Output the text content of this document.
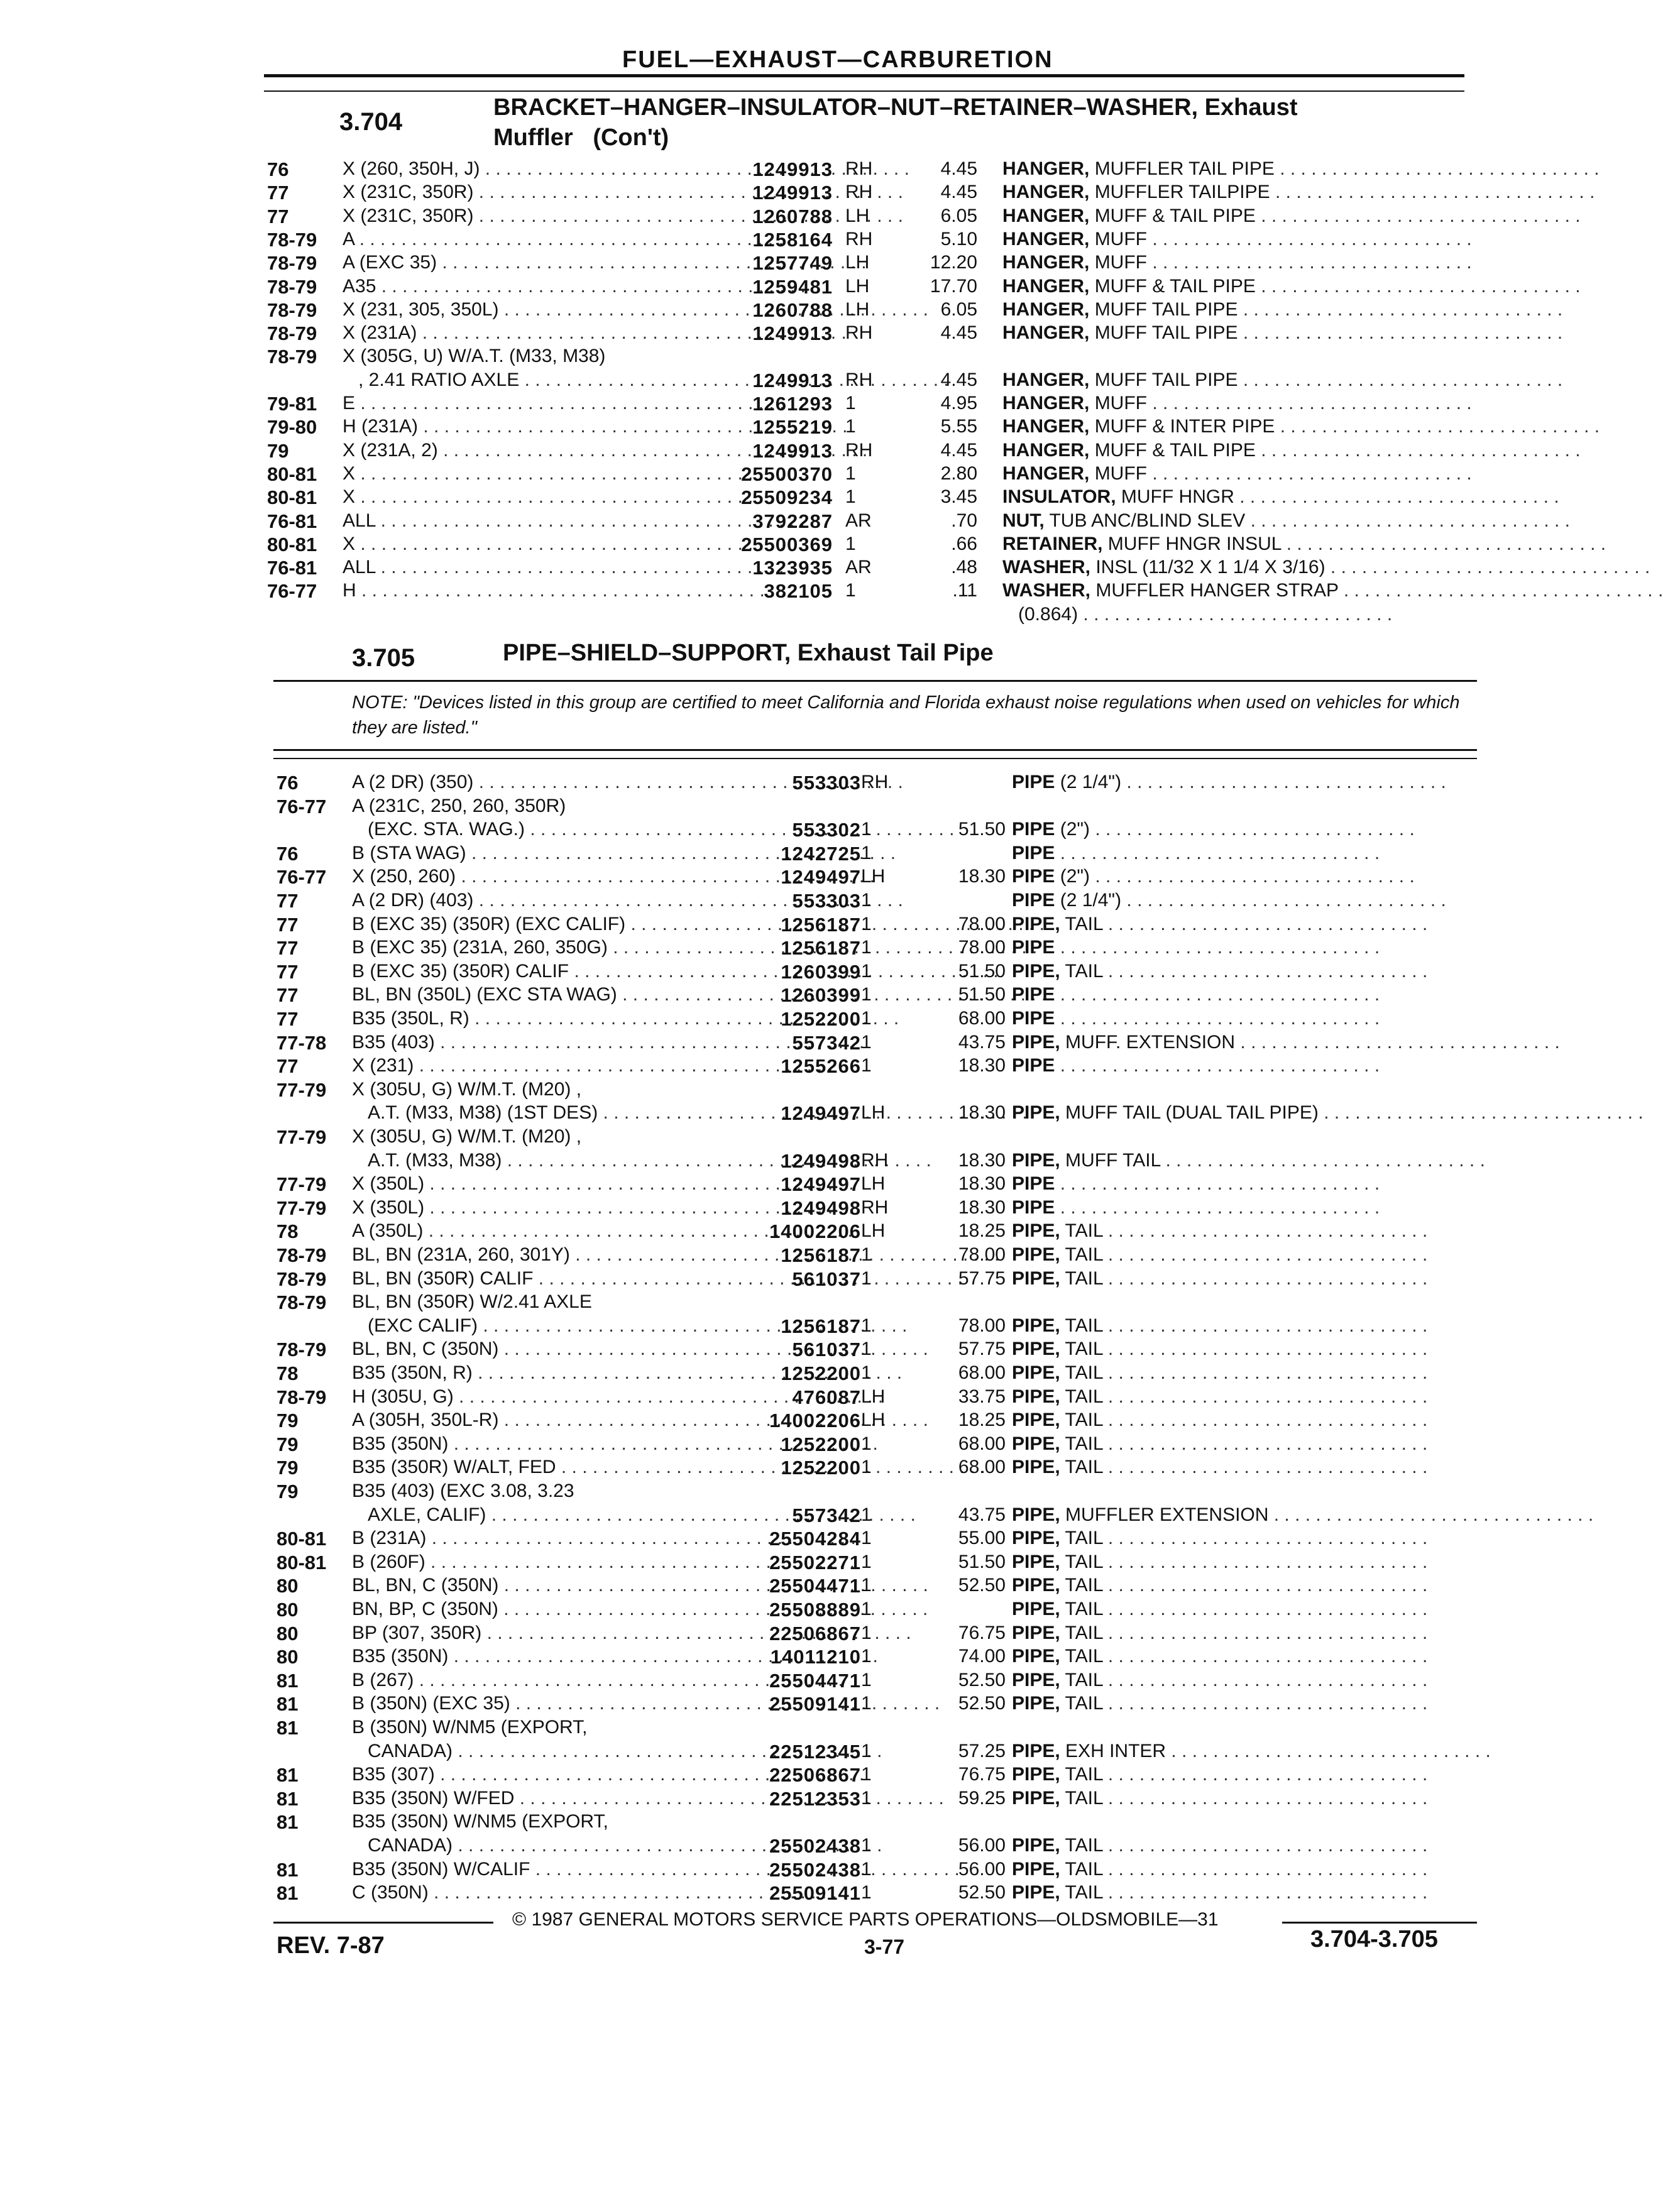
FUEL—EXHAUST—CARBURETION
3.704
BRACKET–HANGER–INSULATOR–NUT–RETAINER–WASHER, Exhaust
Muffler   (Con't)
76	X (260, 350H, J) . . .	1249913 RH	4.45 HANGER, MUFFLER TAIL PIPE . . . . . . . . . . . . . . . . . . . . . . . . . . . . . . .
77	X (231C, 350R) . . .	1249913 RH	4.45 HANGER, MUFFLER TAILPIPE . . . . . . . . . . . . . . . . . . . . . . . . . . . . . . .
77	X (231C, 350R) . . .	1260788 LH	6.05 HANGER, MUFF & TAIL PIPE . . . . . . . . . . . . . . . . . . . . . . . . . . . . . . .
78-79 A . . .	1258164 RH	5.10 HANGER, MUFF . . . . . . . . . . . . . . . . . . . . . . . . . . . . . . .
78-79 A (EXC 35) . . .	1257749 LH	12.20 HANGER, MUFF . . . . . . . . . . . . . . . . . . . . . . . . . . . . . . .
78-79 A35 . . .	1259481 LH	17.70 HANGER, MUFF & TAIL PIPE . . . . . . . . . . . . . . . . . . . . . . . . . . . . . . .
78-79 X (231, 305, 350L) . . .	1260788 LH	6.05 HANGER, MUFF TAIL PIPE . . . . . . . . . . . . . . . . . . . . . . . . . . . . . . .
78-79 X (231A) . . .	1249913 RH	4.45 HANGER, MUFF TAIL PIPE . . . . . . . . . . . . . . . . . . . . . . . . . . . . . . .
78-79 X (305G, U) W/A.T. (M33, M38)
, 2.41 RATIO AXLE . . .	1249913 RH	4.45 HANGER, MUFF TAIL PIPE . . . . . . . . . . . . . . . . . . . . . . . . . . . . . . .
79-81 E . . .	1261293 1	4.95 HANGER, MUFF . . . . . . . . . . . . . . . . . . . . . . . . . . . . . . .
79-80 H (231A) . . .	1255219 1	5.55 HANGER, MUFF & INTER PIPE . . . . . . . . . . . . . . . . . . . . . . . . . . . . . . .
79	X (231A, 2) . . .	1249913 RH	4.45 HANGER, MUFF & TAIL PIPE . . . . . . . . . . . . . . . . . . . . . . . . . . . . . . .
80-81 X . . .	25500370 1	2.80 HANGER, MUFF . . . . . . . . . . . . . . . . . . . . . . . . . . . . . . .
80-81 X . . .	25509234 1	3.45 INSULATOR, MUFF HNGR . . . . . . . . . . . . . . . . . . . . . . . . . . . . . . .
76-81 ALL . . .	3792287 AR	.70 NUT, TUB ANC/BLIND SLEV . . . . . . . . . . . . . . . . . . . . . . . . . . . . . . .
80-81 X . . .	25500369 1	.66 RETAINER, MUFF HNGR INSUL . . . . . . . . . . . . . . . . . . . . . . . . . . . . . . .
76-81 ALL . . .	1323935 AR	.48 WASHER, INSL (11/32 X 1 1/4 X 3/16) . . . . . . . . . . . . . . . . . . . . . . . . . . . . . . .
76-77 H . . .	382105 1	.11 WASHER, MUFFLER HANGER STRAP . . . . . . . . . . . . . . . . . . . . . . . . . . . . . . .
(0.864) . . . . . . . . . . . . . . . . . . . . . . . . . . . . . .
3.705	PIPE–SHIELD–SUPPORT, Exhaust Tail Pipe
NOTE: "Devices listed in this group are certified to meet California and Florida exhaust noise regulations when used on vehicles for which they are listed."
76	A (2 DR) (350) . . .	553303 RH	PIPE (2 1/4") . . . . . . . . . . . . . . . . . . . . . . . . . . . . . . .
76-77 A (231C, 250, 260, 350R)
(EXC. STA. WAG.) . . .	553302 1	51.50 PIPE (2") . . . . . . . . . . . . . . . . . . . . . . . . . . . . . . .
76	B (STA WAG) . . .	1242725 1	PIPE . . . . . . . . . . . . . . . . . . . . . . . . . . . . . . .
76-77 X (250, 260) . . .	1249497 LH	18.30 PIPE (2") . . . . . . . . . . . . . . . . . . . . . . . . . . . . . . .
77	A (2 DR) (403) . . .	553303 1	PIPE (2 1/4") . . . . . . . . . . . . . . . . . . . . . . . . . . . . . . .
77	B (EXC 35) (350R) (EXC CALIF) . . .	1256187 1	78.00 PIPE, TAIL . . . . . . . . . . . . . . . . . . . . . . . . . . . . . . .
77	B (EXC 35) (231A, 260, 350G) . . .	1256187 1	78.00 PIPE . . . . . . . . . . . . . . . . . . . . . . . . . . . . . . .
77	B (EXC 35) (350R) CALIF . . .	1260399 1	51.50 PIPE, TAIL . . . . . . . . . . . . . . . . . . . . . . . . . . . . . . .
77	BL, BN (350L) (EXC STA WAG) . . .	1260399 1	51.50 PIPE . . . . . . . . . . . . . . . . . . . . . . . . . . . . . . .
77	B35 (350L, R) . . .	1252200 1	68.00 PIPE . . . . . . . . . . . . . . . . . . . . . . . . . . . . . . .
77-78 B35 (403) . . .	557342 1	43.75 PIPE, MUFF. EXTENSION . . . . . . . . . . . . . . . . . . . . . . . . . . . . . . .
77	X (231) . . .	1255266 1	18.30 PIPE . . . . . . . . . . . . . . . . . . . . . . . . . . . . . . .
77-79 X (305U, G) W/M.T. (M20) ,
A.T. (M33, M38) (1ST DES) . . .	1249497 LH	18.30 PIPE, MUFF TAIL (DUAL TAIL PIPE) . . . . . . . . . . . . . . . . . . . . . . . . . . . . . . .
77-79 X (305U, G) W/M.T. (M20) ,
A.T. (M33, M38) . . .	1249498 RH	18.30 PIPE, MUFF TAIL . . . . . . . . . . . . . . . . . . . . . . . . . . . . . . .
77-79 X (350L) . . .	1249497 LH	18.30 PIPE . . . . . . . . . . . . . . . . . . . . . . . . . . . . . . .
77-79 X (350L) . . .	1249498 RH	18.30 PIPE . . . . . . . . . . . . . . . . . . . . . . . . . . . . . . .
78	A (350L) . . .	14002206 LH	18.25 PIPE, TAIL . . . . . . . . . . . . . . . . . . . . . . . . . . . . . . .
78-79 BL, BN (231A, 260, 301Y) . . .	1256187 1	78.00 PIPE, TAIL . . . . . . . . . . . . . . . . . . . . . . . . . . . . . . .
78-79 BL, BN (350R) CALIF . . .	561037 1	57.75 PIPE, TAIL . . . . . . . . . . . . . . . . . . . . . . . . . . . . . . .
78-79 BL, BN (350R) W/2.41 AXLE
(EXC CALIF) . . .	1256187 1	78.00 PIPE, TAIL . . . . . . . . . . . . . . . . . . . . . . . . . . . . . . .
78-79 BL, BN, C (350N) . . .	561037 1	57.75 PIPE, TAIL . . . . . . . . . . . . . . . . . . . . . . . . . . . . . . .
78	B35 (350N, R) . . .	1252200 1	68.00 PIPE, TAIL . . . . . . . . . . . . . . . . . . . . . . . . . . . . . . .
78-79 H (305U, G) . . .	476087 LH	33.75 PIPE, TAIL . . . . . . . . . . . . . . . . . . . . . . . . . . . . . . .
79	A (305H, 350L-R) . . .	14002206 LH	18.25 PIPE, TAIL . . . . . . . . . . . . . . . . . . . . . . . . . . . . . . .
79	B35 (350N) . . .	1252200 1	68.00 PIPE, TAIL . . . . . . . . . . . . . . . . . . . . . . . . . . . . . . .
79	B35 (350R) W/ALT, FED . . .	1252200 1	68.00 PIPE, TAIL . . . . . . . . . . . . . . . . . . . . . . . . . . . . . . .
79	B35 (403) (EXC 3.08, 3.23
AXLE, CALIF) . . .	557342 1	43.75 PIPE, MUFFLER EXTENSION . . . . . . . . . . . . . . . . . . . . . . . . . . . . . . .
80-81 B (231A) . . .	25504284 1	55.00 PIPE, TAIL . . . . . . . . . . . . . . . . . . . . . . . . . . . . . . .
80-81 B (260F) . . .	25502271 1	51.50 PIPE, TAIL . . . . . . . . . . . . . . . . . . . . . . . . . . . . . . .
80	BL, BN, C (350N) . . .	25504471 1	52.50 PIPE, TAIL . . . . . . . . . . . . . . . . . . . . . . . . . . . . . . .
80	BN, BP, C (350N) . . .	25508889 1	PIPE, TAIL . . . . . . . . . . . . . . . . . . . . . . . . . . . . . . .
80	BP (307, 350R) . . .	22506867 1	76.75 PIPE, TAIL . . . . . . . . . . . . . . . . . . . . . . . . . . . . . . .
80	B35 (350N) . . .	14011210 1	74.00 PIPE, TAIL . . . . . . . . . . . . . . . . . . . . . . . . . . . . . . .
81	B (267) . . .	25504471 1	52.50 PIPE, TAIL . . . . . . . . . . . . . . . . . . . . . . . . . . . . . . .
81	B (350N) (EXC 35) . . .	25509141 1	52.50 PIPE, TAIL . . . . . . . . . . . . . . . . . . . . . . . . . . . . . . .
81	B (350N) W/NM5 (EXPORT,
CANADA) . . .	22512345 1	57.25 PIPE, EXH INTER . . . . . . . . . . . . . . . . . . . . . . . . . . . . . . .
81	B35 (307) . . .	22506867 1	76.75 PIPE, TAIL . . . . . . . . . . . . . . . . . . . . . . . . . . . . . . .
81	B35 (350N) W/FED . . .	22512353 1	59.25 PIPE, TAIL . . . . . . . . . . . . . . . . . . . . . . . . . . . . . . .
81	B35 (350N) W/NM5 (EXPORT,
CANADA) . . .	25502438 1	56.00 PIPE, TAIL . . . . . . . . . . . . . . . . . . . . . . . . . . . . . . .
81	B35 (350N) W/CALIF . . .	25502438 1	56.00 PIPE, TAIL . . . . . . . . . . . . . . . . . . . . . . . . . . . . . . .
81	C (350N) . . .	25509141 1	52.50 PIPE, TAIL . . . . . . . . . . . . . . . . . . . . . . . . . . . . . . .
© 1987 GENERAL MOTORS SERVICE PARTS OPERATIONS—OLDSMOBILE—31
REV. 7-87	3-77	3.704-3.705
